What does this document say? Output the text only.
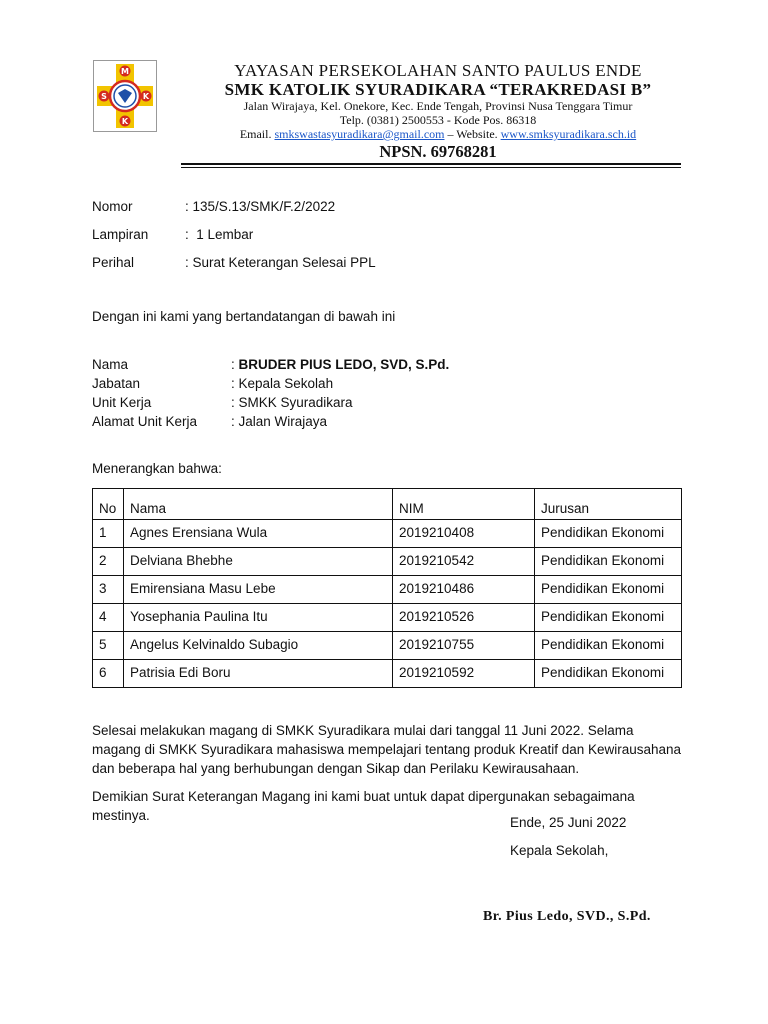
M
S	K
K
YAYASAN PERSEKOLAHAN SANTO PAULUS ENDE
SMK KATOLIK SYURADIKARA “TERAKREDASI B”
Jalan Wirajaya, Kel. Onekore, Kec. Ende Tengah, Provinsi Nusa Tenggara Timur
Telp. (0381) 2500553 - Kode Pos. 86318
Email. smkswastasyuradikara@gmail.com – Website. www.smksyuradikara.sch.id
NPSN. 69768281
Nomor	: 135/S.13/SMK/F.2/2022
Lampiran	:  1 Lembar
Perihal	: Surat Keterangan Selesai PPL
Dengan ini kami yang bertandatangan di bawah ini
Nama	: BRUDER PIUS LEDO, SVD, S.Pd.
Jabatan	: Kepala Sekolah
Unit Kerja	: SMKK Syuradikara
Alamat Unit Kerja	: Jalan Wirajaya
Menerangkan bahwa:
No	Nama	NIM	Jurusan
1	Agnes Erensiana Wula	2019210408	Pendidikan Ekonomi
2	Delviana Bhebhe	2019210542	Pendidikan Ekonomi
3	Emirensiana Masu Lebe	2019210486	Pendidikan Ekonomi
4	Yosephania Paulina Itu	2019210526	Pendidikan Ekonomi
5	Angelus Kelvinaldo Subagio	2019210755	Pendidikan Ekonomi
6	Patrisia Edi Boru	2019210592	Pendidikan Ekonomi
Selesai melakukan magang di SMKK Syuradikara mulai dari tanggal 11 Juni 2022. Selama magang di SMKK Syuradikara mahasiswa mempelajari tentang produk Kreatif dan Kewirausahana dan beberapa hal yang berhubungan dengan Sikap dan Perilaku Kewirausahaan.
Demikian Surat Keterangan Magang ini kami buat untuk dapat dipergunakan sebagaimana mestinya.	Ende, 25 Juni 2022
Kepala Sekolah,
Br. Pius Ledo, SVD., S.Pd.
